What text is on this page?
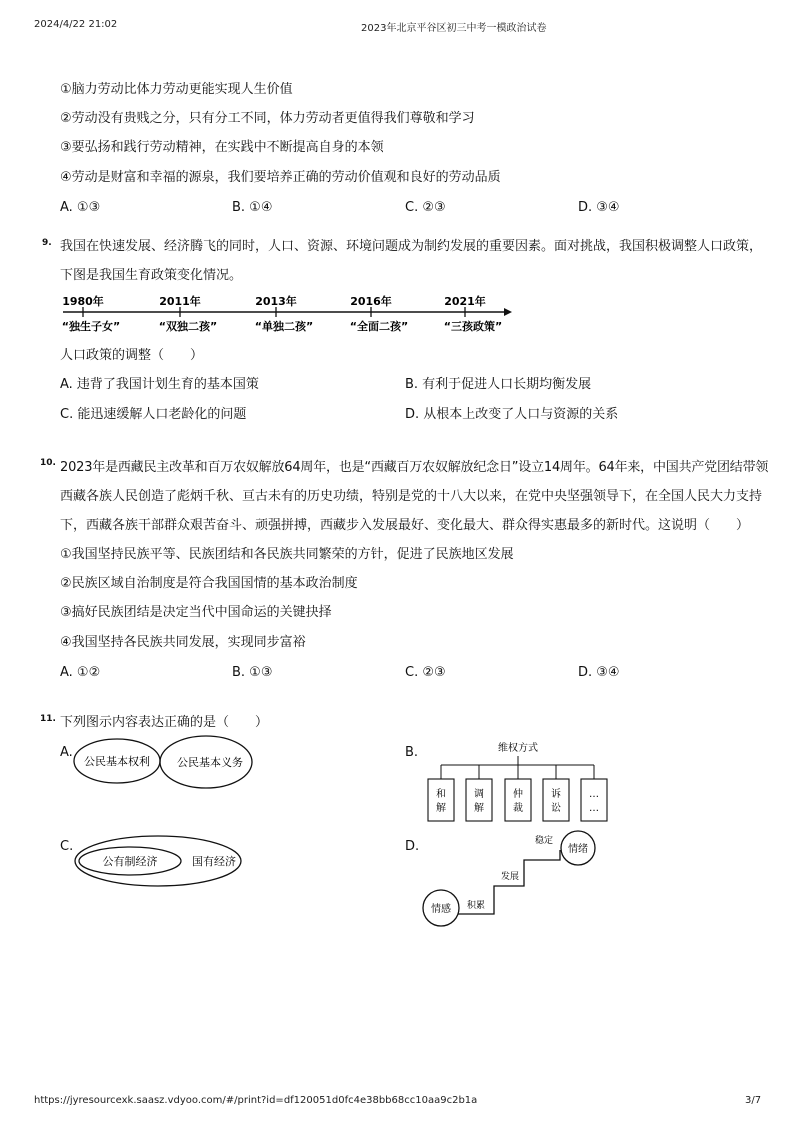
2024/4/22 21:02	2023年北京平谷区初三中考一模政治试卷
①脑力劳动比体力劳动更能实现人生价值
②劳动没有贵贱之分，只有分工不同，体力劳动者更值得我们尊敬和学习
③要弘扬和践行劳动精神，在实践中不断提高自身的本领
④劳动是财富和幸福的源泉，我们要培养正确的劳动价值观和良好的劳动品质
A. ①③	B. ①④	C. ②③	D. ③④
9. 我国在快速发展、经济腾飞的同时，人口、资源、环境问题成为制约发展的重要因素。面对挑战，我国积极调整人口政策，
下图是我国生育政策变化情况。
1980年
“独生子女”
2011年
“双独二孩”
2013年
“单独二孩”
2016年
“全面二孩”
2021年
“三孩政策”
人口政策的调整（　　）
A. 违背了我国计划生育的基本国策	B. 有利于促进人口长期均衡发展
C. 能迅速缓解人口老龄化的问题	D. 从根本上改变了人口与资源的关系
10. 2023年是西藏民主改革和百万农奴解放64周年，也是“西藏百万农奴解放纪念日”设立14周年。64年来，中国共产党团结带领
西藏各族人民创造了彪炳千秋、亘古未有的历史功绩，特别是党的十八大以来，在党中央坚强领导下，在全国人民大力支持
下，西藏各族干部群众艰苦奋斗、顽强拼搏，西藏步入发展最好、变化最大、群众得实惠最多的新时代。这说明（　　）
①我国坚持民族平等、民族团结和各民族共同繁荣的方针，促进了民族地区发展
②民族区域自治制度是符合我国国情的基本政治制度
③搞好民族团结是决定当代中国命运的关键抉择
④我国坚持各民族共同发展，实现同步富裕
A. ①②	B. ①③	C. ②③	D. ③④
11. 下列图示内容表达正确的是（　　）
A.	B.
C.	D.
公民基本权利 公民基本义务
维权方式
和
解
调
解
仲
裁
诉
讼
…
…
公有制经济	国有经济
情感 积累
发展
稳定
情绪
https://jyresourcexk.saasz.vdyoo.com/#/print?id=df120051d0fc4e38bb68cc10aa9c2b1a	3/7
